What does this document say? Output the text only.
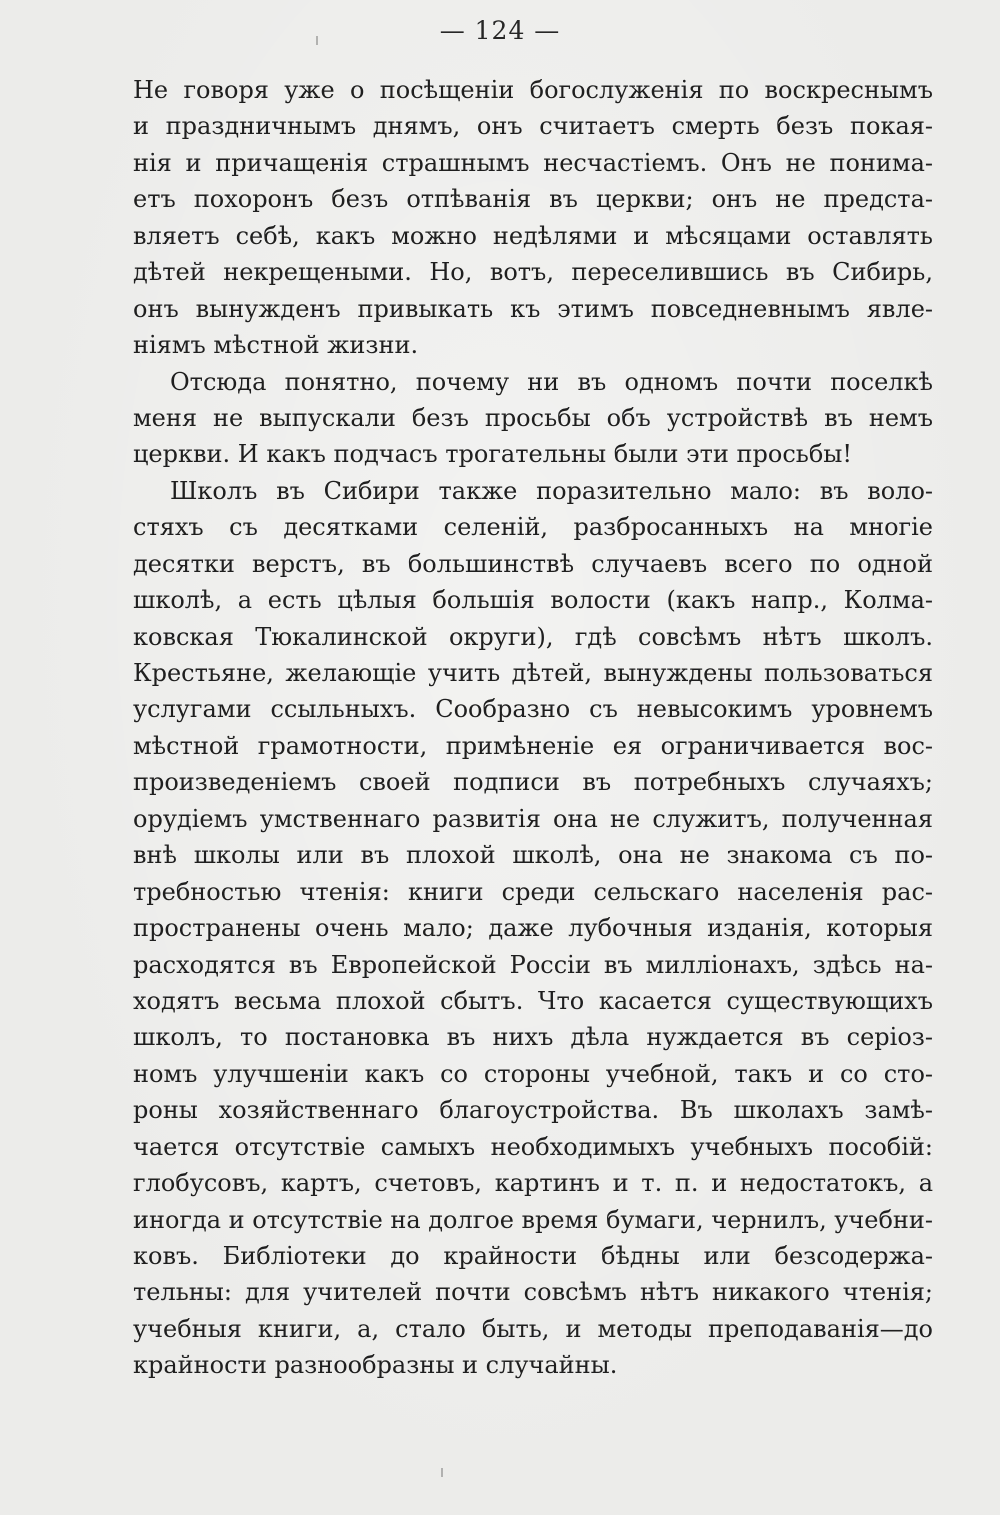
— 124 —
Не говоря уже о посѣщеніи богослуженія по воскреснымъ
и праздничнымъ днямъ, онъ считаетъ смерть безъ покая-
нія и причащенія страшнымъ несчастіемъ. Онъ не понима-
етъ похоронъ безъ отпѣванія въ церкви; онъ не предста-
вляетъ себѣ, какъ можно недѣлями и мѣсяцами оставлять
дѣтей некрещеными. Но, вотъ, переселившись въ Сибирь,
онъ вынужденъ привыкать къ этимъ повседневнымъ явле-
ніямъ мѣстной жизни.
Отсюда понятно, почему ни въ одномъ почти поселкѣ
меня не выпускали безъ просьбы объ устройствѣ въ немъ
церкви. И какъ подчасъ трогательны были эти просьбы!
Школъ въ Сибири также поразительно мало: въ воло-
стяхъ съ десятками селеній, разбросанныхъ на многіе
десятки верстъ, въ большинствѣ случаевъ всего по одной
школѣ, а есть цѣлыя большія волости (какъ напр., Колма-
ковская Тюкалинской округи), гдѣ совсѣмъ нѣтъ школъ.
Крестьяне, желающіе учить дѣтей, вынуждены пользоваться
услугами ссыльныхъ. Сообразно съ невысокимъ уровнемъ
мѣстной грамотности, примѣненіе ея ограничивается вос-
произведеніемъ своей подписи въ потребныхъ случаяхъ;
орудіемъ умственнаго развитія она не служитъ, полученная
внѣ школы или въ плохой школѣ, она не знакома съ по-
требностью чтенія: книги среди сельскаго населенія рас-
пространены очень мало; даже лубочныя изданія, которыя
расходятся въ Европейской Россіи въ милліонахъ, здѣсь на-
ходятъ весьма плохой сбытъ. Что касается существующихъ
школъ, то постановка въ нихъ дѣла нуждается въ серіоз-
номъ улучшеніи какъ со стороны учебной, такъ и со сто-
роны хозяйственнаго благоустройства. Въ школахъ замѣ-
чается отсутствіе самыхъ необходимыхъ учебныхъ пособій:
глобусовъ, картъ, счетовъ, картинъ и т. п. и недостатокъ, а
иногда и отсутствіе на долгое время бумаги, чернилъ, учебни-
ковъ. Библіотеки до крайности бѣдны или безсодержа-
тельны: для учителей почти совсѣмъ нѣтъ никакого чтенія;
учебныя книги, а, стало быть, и методы преподаванія—до
крайности разнообразны и случайны.
